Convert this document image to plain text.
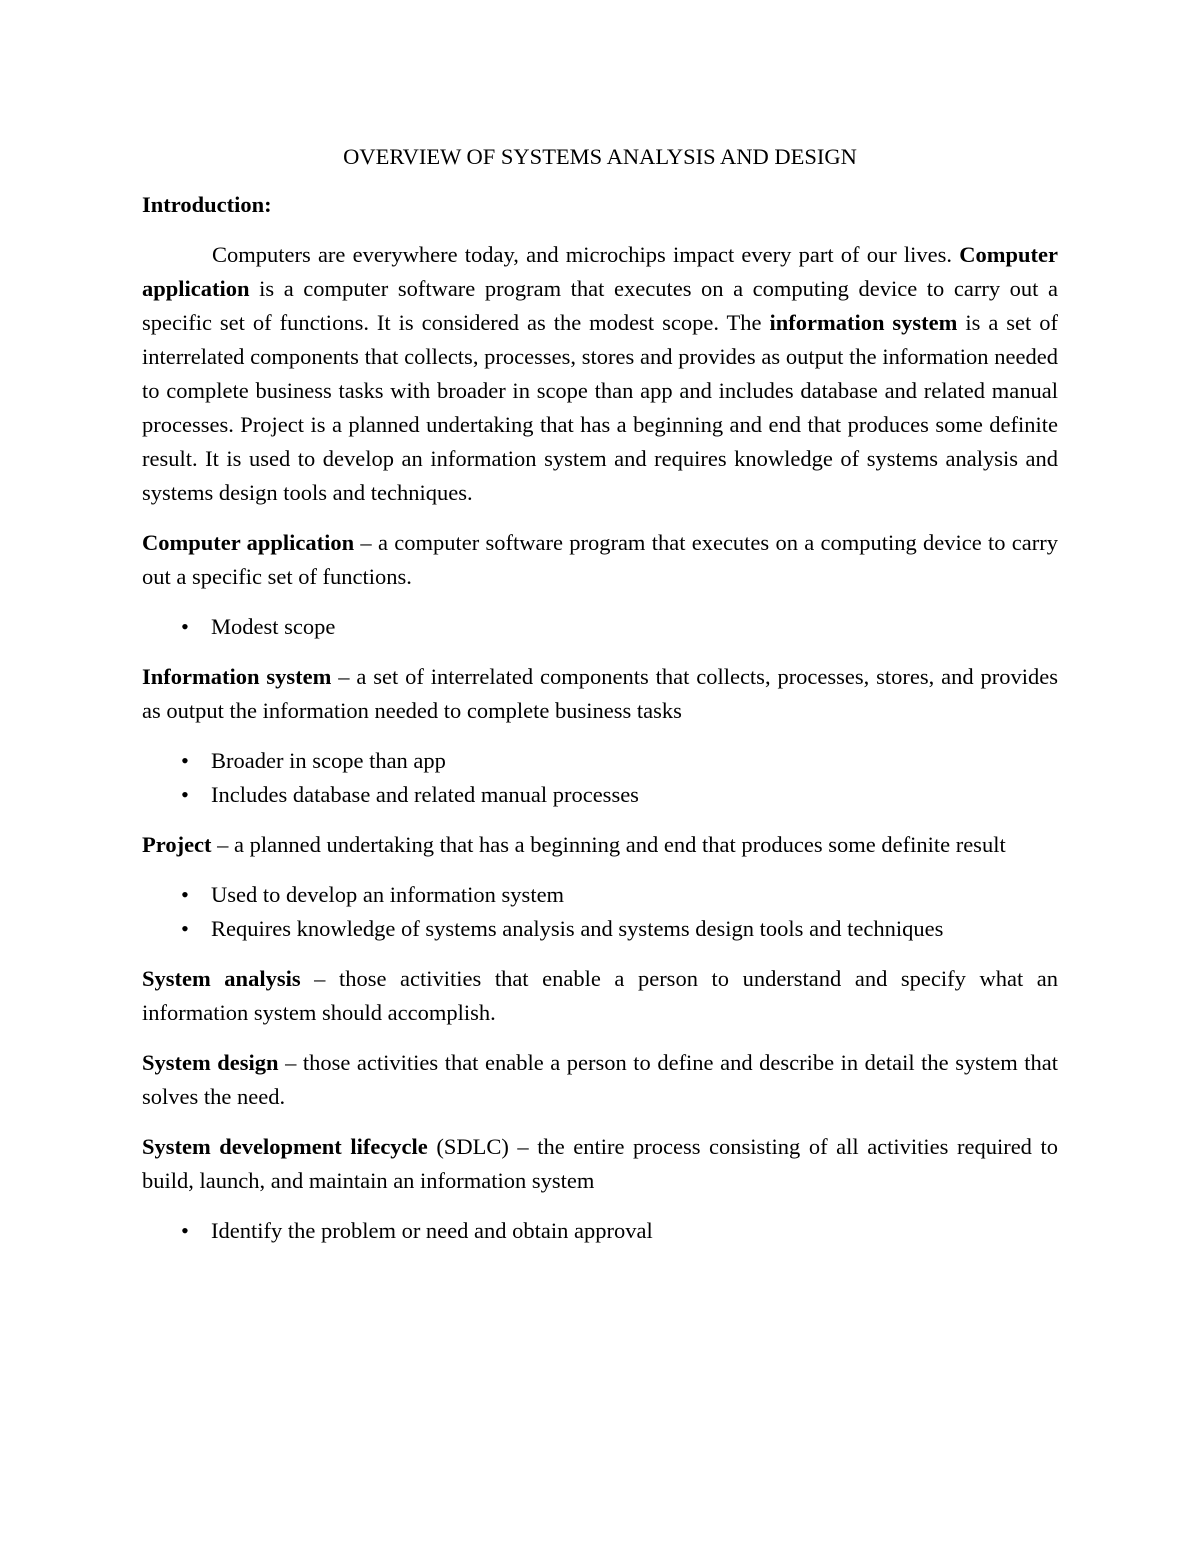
OVERVIEW OF SYSTEMS ANALYSIS AND DESIGN
Introduction:

Computers are everywhere today, and microchips impact every part of our lives. Computer application is a computer software program that executes on a computing device to carry out a specific set of functions. It is considered as the modest scope. The information system is a set of interrelated components that collects, processes, stores and provides as output the information needed to complete business tasks with broader in scope than app and includes database and related manual processes. Project is a planned undertaking that has a beginning and end that produces some definite result. It is used to develop an information system and requires knowledge of systems analysis and systems design tools and techniques.

Computer application – a computer software program that executes on a computing device to carry out a specific set of functions.

• Modest scope

Information system – a set of interrelated components that collects, processes, stores, and provides as output the information needed to complete business tasks

• Broader in scope than app
• Includes database and related manual processes

Project – a planned undertaking that has a beginning and end that produces some definite result

• Used to develop an information system
• Requires knowledge of systems analysis and systems design tools and techniques

System analysis – those activities that enable a person to understand and specify what an information system should accomplish.

System design – those activities that enable a person to define and describe in detail the system that solves the need.

System development lifecycle (SDLC) – the entire process consisting of all activities required to build, launch, and maintain an information system

• Identify the problem or need and obtain approval
